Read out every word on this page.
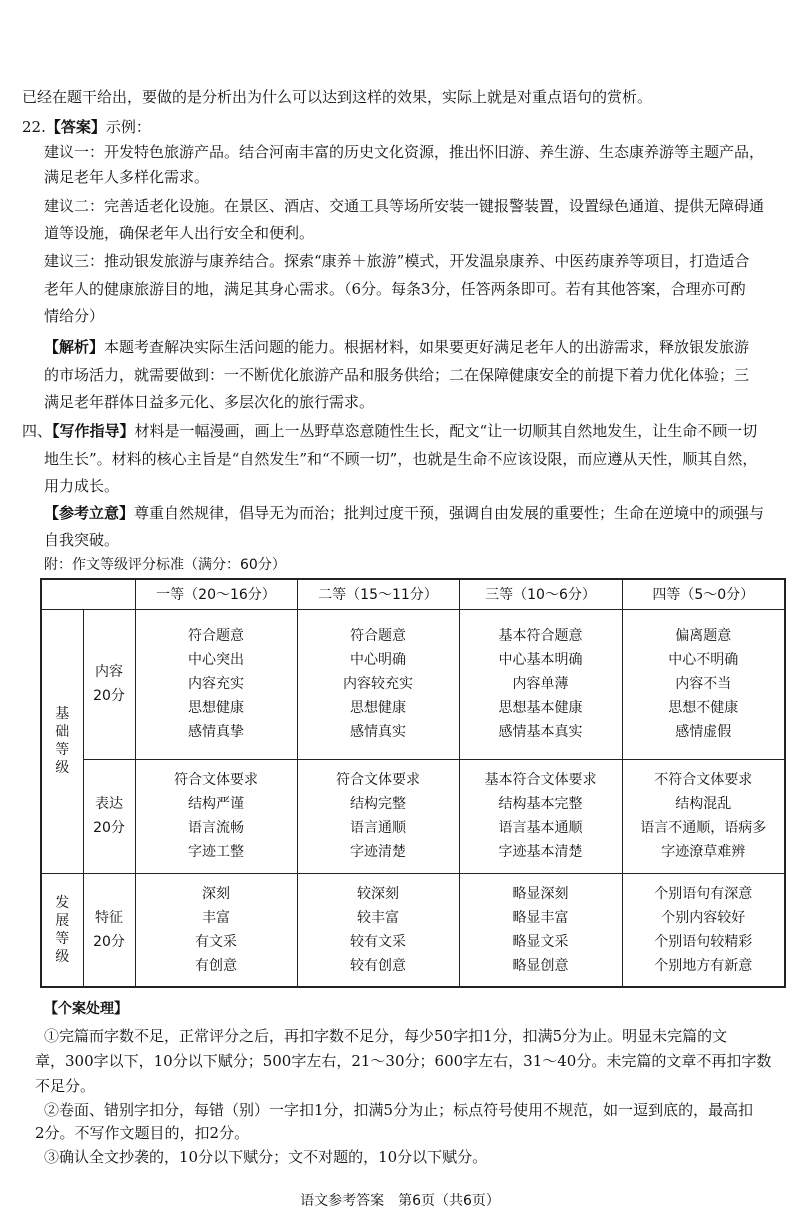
已经在题干给出，要做的是分析出为什么可以达到这样的效果，实际上就是对重点语句的赏析。
22.【答案】示例：
建议一：开发特色旅游产品。结合河南丰富的历史文化资源，推出怀旧游、养生游、生态康养游等主题产品，
满足老年人多样化需求。
建议二：完善适老化设施。在景区、酒店、交通工具等场所安装一键报警装置，设置绿色通道、提供无障碍通
道等设施，确保老年人出行安全和便利。
建议三：推动银发旅游与康养结合。探索“康养＋旅游”模式，开发温泉康养、中医药康养等项目，打造适合
老年人的健康旅游目的地，满足其身心需求。（6分。每条3分，任答两条即可。若有其他答案，合理亦可酌
情给分）
【解析】本题考查解决实际生活问题的能力。根据材料，如果要更好满足老年人的出游需求，释放银发旅游
的市场活力，就需要做到：一不断优化旅游产品和服务供给；二在保障健康安全的前提下着力优化体验；三
满足老年群体日益多元化、多层次化的旅行需求。
四、【写作指导】材料是一幅漫画，画上一丛野草恣意随性生长，配文“让一切顺其自然地发生，让生命不顾一切
地生长”。材料的核心主旨是“自然发生”和“不顾一切”，也就是生命不应该设限，而应遵从天性，顺其自然，
用力成长。
【参考立意】尊重自然规律，倡导无为而治；批判过度干预，强调自由发展的重要性；生命在逆境中的顽强与
自我突破。
附：作文等级评分标准（满分：60分）
		一等（20～16分）	二等（15～11分）	三等（10～6分）	四等（5～0分）

基
础
等
级	内容
20分	符合题意
中心突出
内容充实
思想健康
感情真挚	符合题意
中心明确
内容较充实
思想健康
感情真实	基本符合题意
中心基本明确
内容单薄
思想基本健康
感情基本真实	偏离题意
中心不明确
内容不当
思想不健康
感情虚假

	表达
20分	符合文体要求
结构严谨
语言流畅
字迹工整	符合文体要求
结构完整
语言通顺
字迹清楚	基本符合文体要求
结构基本完整
语言基本通顺
字迹基本清楚	不符合文体要求
结构混乱
语言不通顺，语病多
字迹潦草难辨

发
展
等
级	特征
20分	深刻
丰富
有文采
有创意	较深刻
较丰富
较有文采
较有创意	略显深刻
略显丰富
略显文采
略显创意	个别语句有深意
个别内容较好
个别语句较精彩
个别地方有新意
【个案处理】
①完篇而字数不足，正常评分之后，再扣字数不足分，每少50字扣1分，扣满5分为止。明显未完篇的文
章，300字以下，10分以下赋分；500字左右，21～30分；600字左右，31～40分。未完篇的文章不再扣字数
不足分。
②卷面、错别字扣分，每错（别）一字扣1分，扣满5分为止；标点符号使用不规范，如一逗到底的，最高扣
2分。不写作文题目的，扣2分。
③确认全文抄袭的，10分以下赋分；文不对题的，10分以下赋分。
语文参考答案　第6页（共6页）
